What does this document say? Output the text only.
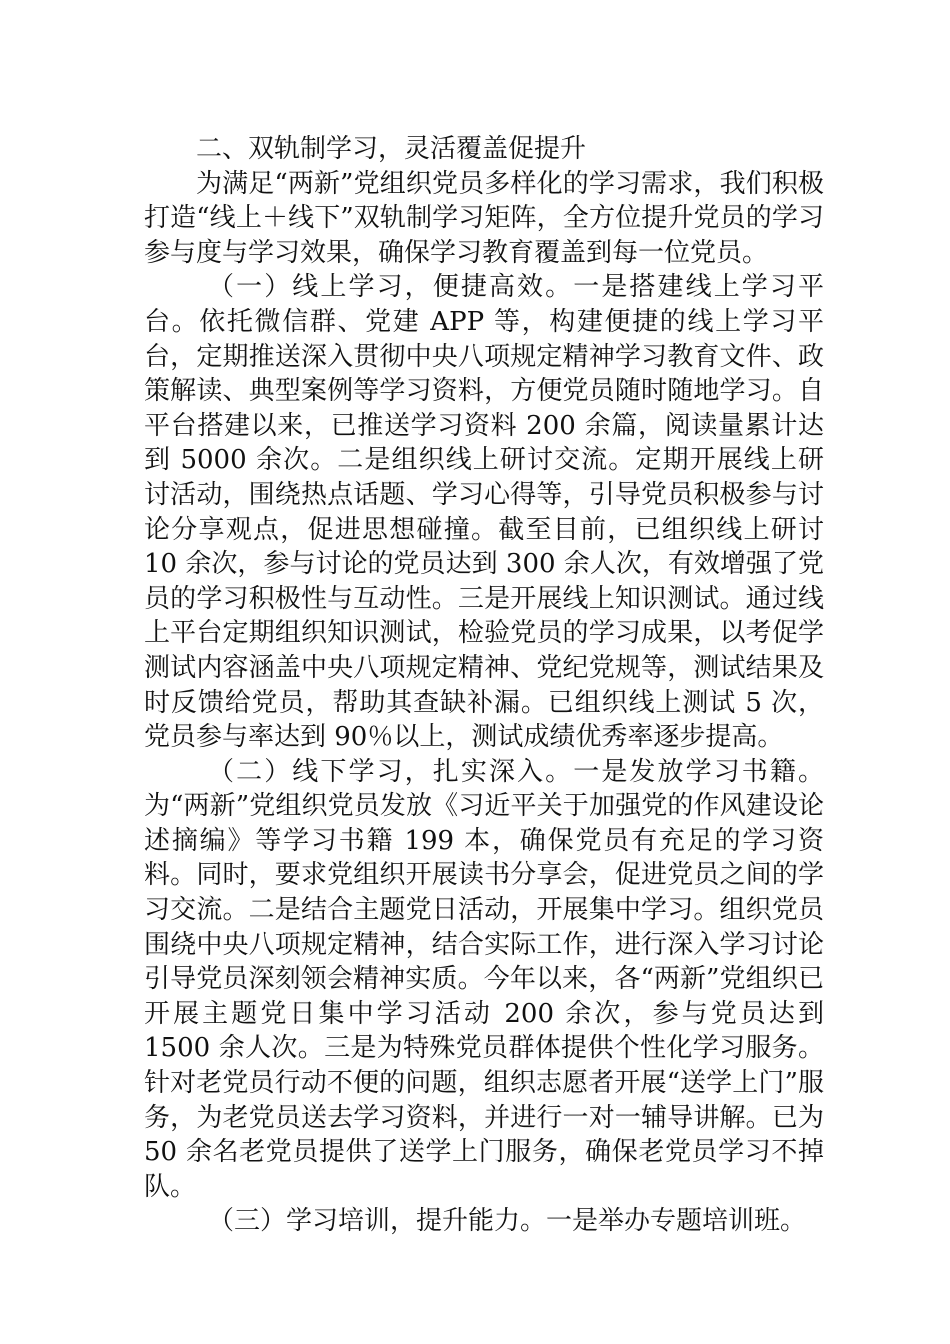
二、双轨制学习，灵活覆盖促提升

为满足“两新”党组织党员多样化的学习需求，我们积极打造“线上＋线下”双轨制学习矩阵，全方位提升党员的学习参与度与学习效果，确保学习教育覆盖到每一位党员。

（一）线上学习，便捷高效。一是搭建线上学习平台。依托微信群、党建 APP 等，构建便捷的线上学习平台，定期推送深入贯彻中央八项规定精神学习教育文件、政策解读、典型案例等学习资料，方便党员随时随地学习。自平台搭建以来，已推送学习资料 200 余篇，阅读量累计达到 5000 余次。二是组织线上研讨交流。定期开展线上研讨活动，围绕热点话题、学习心得等，引导党员积极参与讨论分享观点，促进思想碰撞。截至目前，已组织线上研讨 10 余次，参与讨论的党员达到 300 余人次，有效增强了党员的学习积极性与互动性。三是开展线上知识测试。通过线上平台定期组织知识测试，检验党员的学习成果，以考促学测试内容涵盖中央八项规定精神、党纪党规等，测试结果及时反馈给党员，帮助其查缺补漏。已组织线上测试 5 次，党员参与率达到 90％以上，测试成绩优秀率逐步提高。

（二）线下学习，扎实深入。一是发放学习书籍。为“两新”党组织党员发放《习近平关于加强党的作风建设论述摘编》等学习书籍 199 本，确保党员有充足的学习资料。同时，要求党组织开展读书分享会，促进党员之间的学习交流。二是结合主题党日活动，开展集中学习。组织党员围绕中央八项规定精神，结合实际工作，进行深入学习讨论引导党员深刻领会精神实质。今年以来，各“两新”党组织已开展主题党日集中学习活动 200 余次，参与党员达到 1500 余人次。三是为特殊党员群体提供个性化学习服务。针对老党员行动不便的问题，组织志愿者开展“送学上门”服务，为老党员送去学习资料，并进行一对一辅导讲解。已为 50 余名老党员提供了送学上门服务，确保老党员学习不掉队。

（三）学习培训，提升能力。一是举办专题培训班。
